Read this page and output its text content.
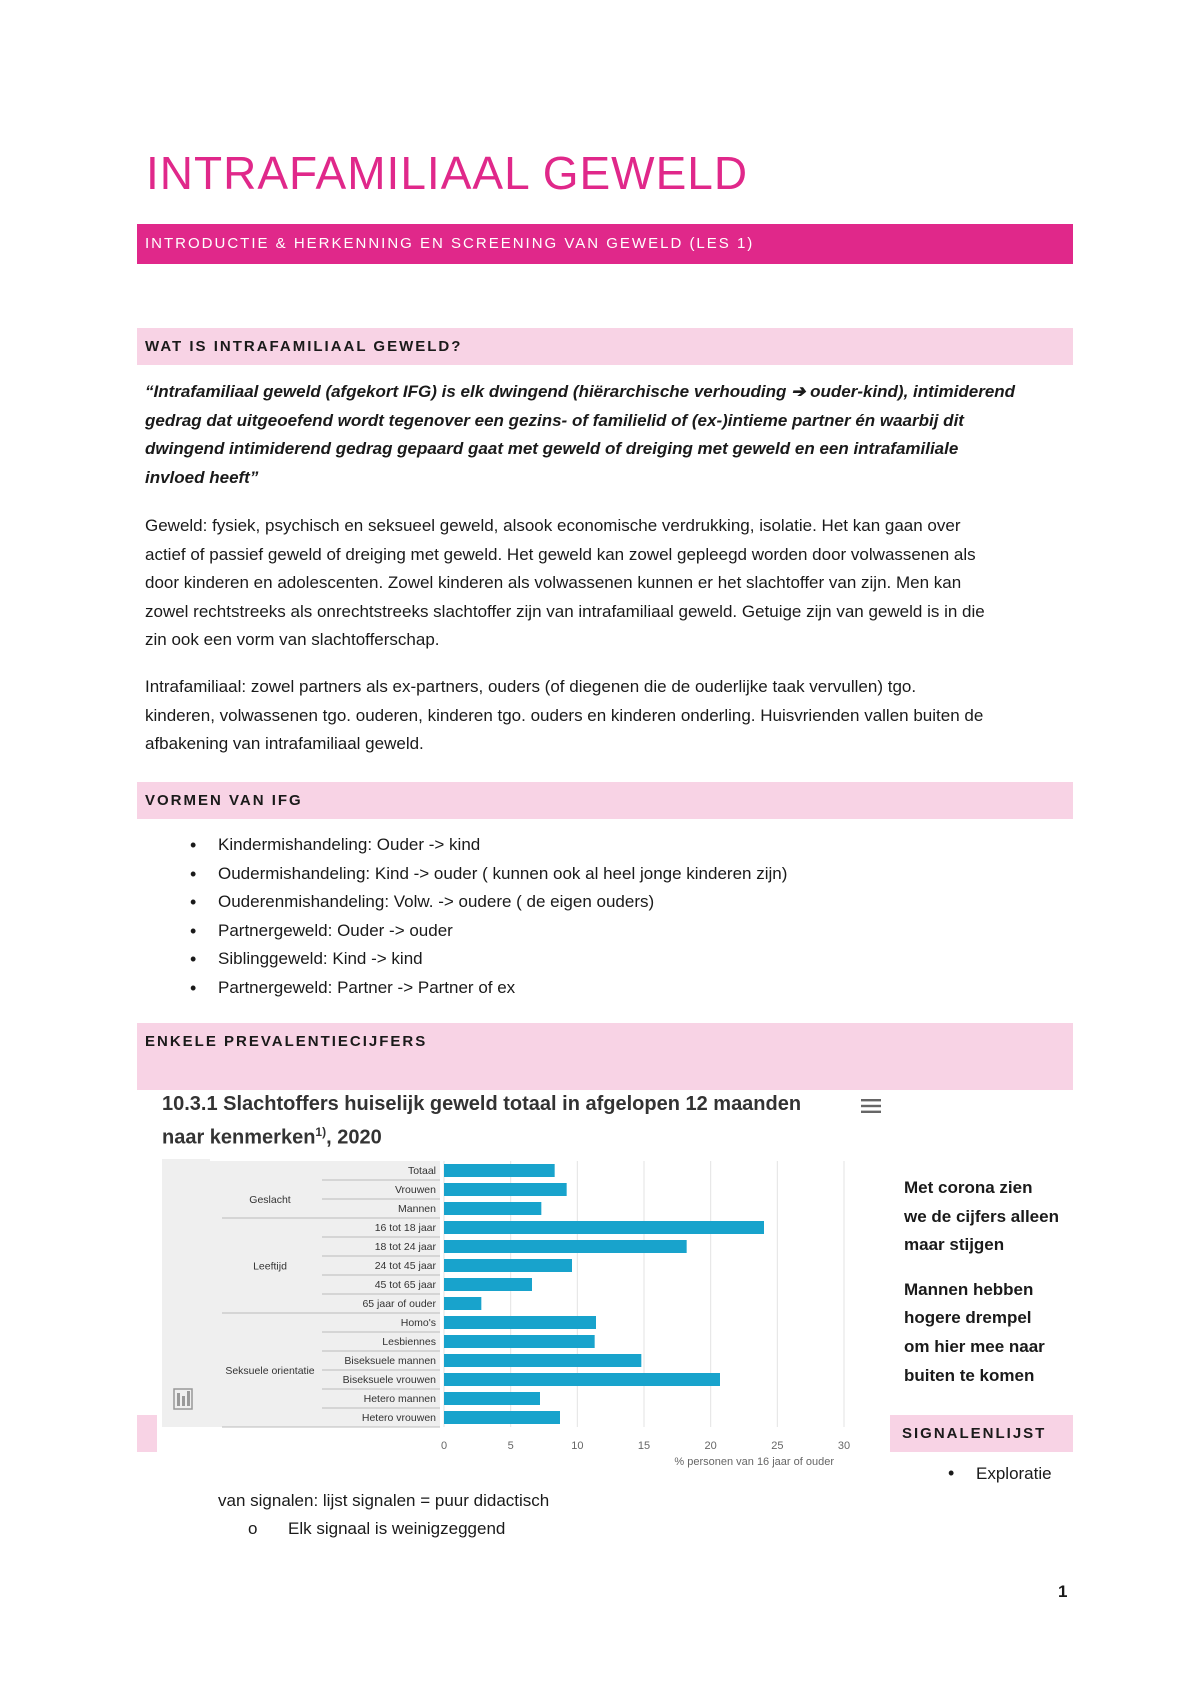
INTRAFAMILIAAL GEWELD
INTRODUCTIE & HERKENNING EN SCREENING VAN GEWELD (LES 1)
WAT IS INTRAFAMILIAAL GEWELD?

“Intrafamiliaal geweld (afgekort IFG) is elk dwingend (hiërarchische verhouding ➔ ouder-kind), intimiderend

gedrag dat uitgeoefend wordt tegenover een gezins- of familielid of (ex-)intieme partner én waarbij dit

dwingend intimiderend gedrag gepaard gaat met geweld of dreiging met geweld en een intrafamiliale

invloed heeft”

Geweld: fysiek, psychisch en seksueel geweld, alsook economische verdrukking, isolatie. Het kan gaan over

actief of passief geweld of dreiging met geweld. Het geweld kan zowel gepleegd worden door volwassenen als

door kinderen en adolescenten. Zowel kinderen als volwassenen kunnen er het slachtoffer van zijn. Men kan

zowel rechtstreeks als onrechtstreeks slachtoffer zijn van intrafamiliaal geweld. Getuige zijn van geweld is in die

zin ook een vorm van slachtofferschap.

Intrafamiliaal: zowel partners als ex-partners, ouders (of diegenen die de ouderlijke taak vervullen) tgo.

kinderen, volwassenen tgo. ouderen, kinderen tgo. ouders en kinderen onderling. Huisvrienden vallen buiten de

afbakening van intrafamiliaal geweld.

VORMEN VAN IFG
• Kindermishandeling: Ouder -> kind
• Oudermishandeling: Kind -> ouder ( kunnen ook al heel jonge kinderen zijn)
• Ouderenmishandeling: Volw. -> oudere ( de eigen ouders)
• Partnergeweld: Ouder -> ouder
• Siblinggeweld: Kind -> kind
• Partnergeweld: Partner -> Partner of ex
ENKELE PREVALENTIECIJFERS
10.3.1 Slachtoffers huiselijk geweld totaal in afgelopen 12 maanden
naar kenmerken$^{1)}$, 2020
0	5	10	15	20	25	30
Totaal
Vrouwen
Mannen
16 tot 18 jaar
18 tot 24 jaar
24 tot 45 jaar
45 tot 65 jaar
65 jaar of ouder
Homo's
Lesbiennes
Biseksuele mannen
Biseksuele vrouwen
Hetero mannen
Hetero vrouwen
Geslacht
Leeftijd
Seksuele orientatie
% personen van 16 jaar of ouder

Met corona zien
we de cijfers alleen
maar stijgen

Mannen hebben
hogere drempel
om hier mee naar
buiten te komen

SIGNALENLIJST
• Exploratie
van signalen: lijst signalen = puur didactisch
o Elk signaal is weinigzeggend
1
